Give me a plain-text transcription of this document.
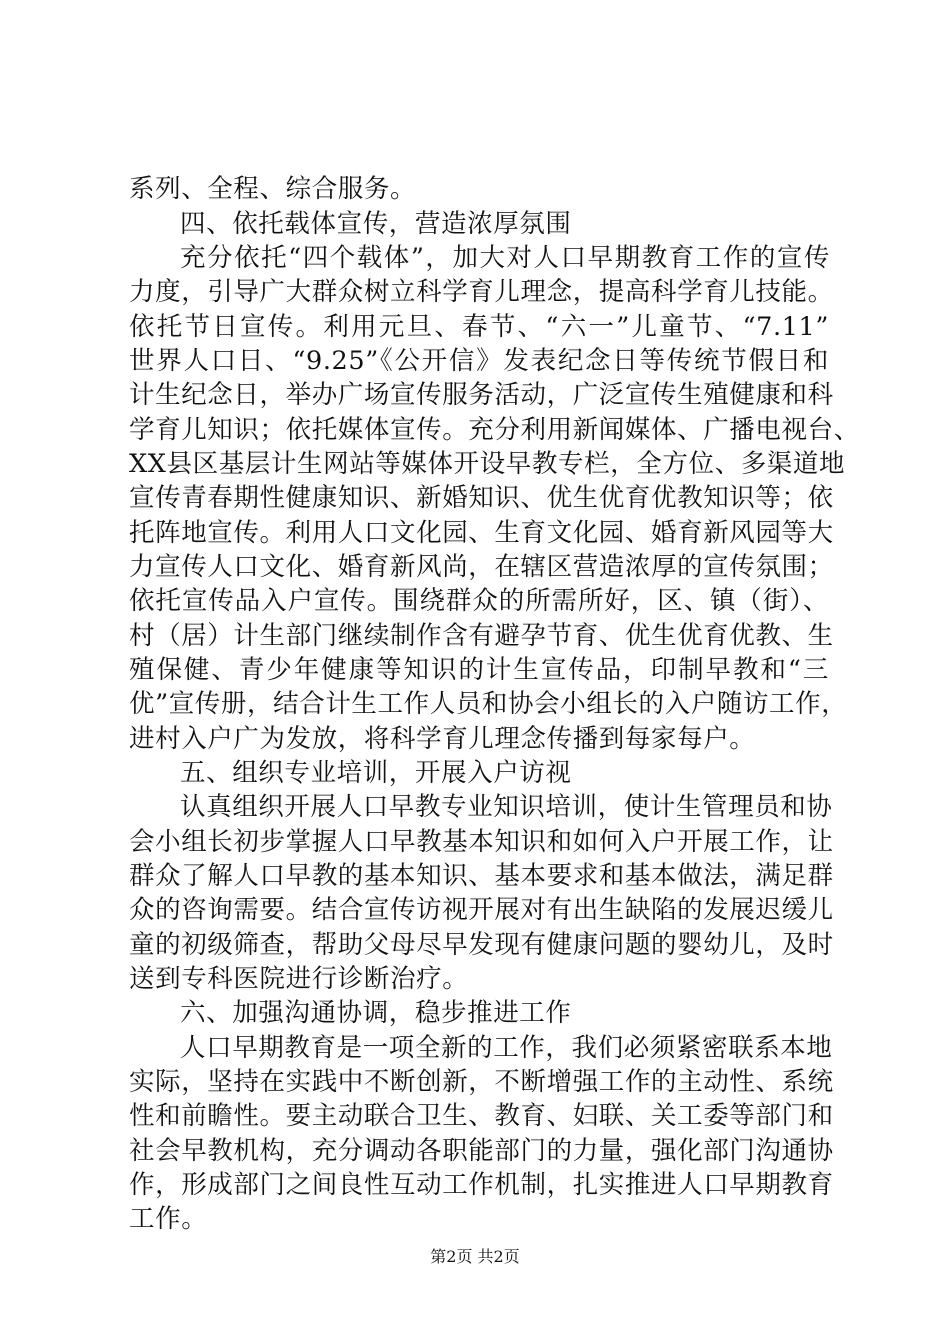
系列、全程、综合服务。
四、依托载体宣传，营造浓厚氛围
充分依托“四个载体”，加大对人口早期教育工作的宣传
力度，引导广大群众树立科学育儿理念，提高科学育儿技能。
依托节日宣传。利用元旦、春节、“六一”儿童节、“7.11”
世界人口日、“9.25”《公开信》发表纪念日等传统节假日和
计生纪念日，举办广场宣传服务活动，广泛宣传生殖健康和科
学育儿知识；依托媒体宣传。充分利用新闻媒体、广播电视台、
XX县区基层计生网站等媒体开设早教专栏，全方位、多渠道地
宣传青春期性健康知识、新婚知识、优生优育优教知识等；依
托阵地宣传。利用人口文化园、生育文化园、婚育新风园等大
力宣传人口文化、婚育新风尚，在辖区营造浓厚的宣传氛围；
依托宣传品入户宣传。围绕群众的所需所好，区、镇（街）、
村（居）计生部门继续制作含有避孕节育、优生优育优教、生
殖保健、青少年健康等知识的计生宣传品，印制早教和“三
优”宣传册，结合计生工作人员和协会小组长的入户随访工作，
进村入户广为发放，将科学育儿理念传播到每家每户。
五、组织专业培训，开展入户访视
认真组织开展人口早教专业知识培训，使计生管理员和协
会小组长初步掌握人口早教基本知识和如何入户开展工作，让
群众了解人口早教的基本知识、基本要求和基本做法，满足群
众的咨询需要。结合宣传访视开展对有出生缺陷的发展迟缓儿
童的初级筛查，帮助父母尽早发现有健康问题的婴幼儿，及时
送到专科医院进行诊断治疗。
六、加强沟通协调，稳步推进工作
人口早期教育是一项全新的工作，我们必须紧密联系本地
实际，坚持在实践中不断创新，不断增强工作的主动性、系统
性和前瞻性。要主动联合卫生、教育、妇联、关工委等部门和
社会早教机构，充分调动各职能部门的力量，强化部门沟通协
作，形成部门之间良性互动工作机制，扎实推进人口早期教育
工作。
第2页 共2页
